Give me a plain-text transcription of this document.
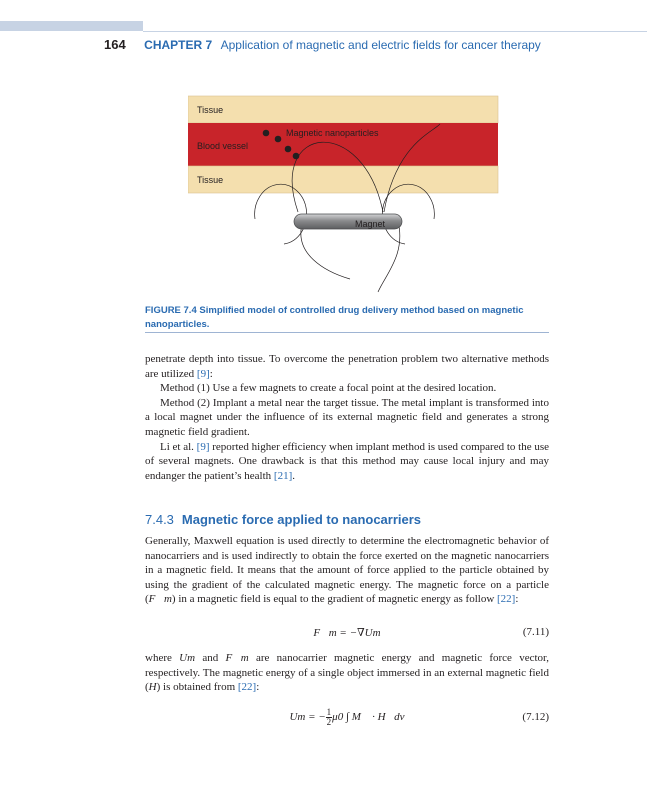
164 CHAPTER 7 Application of magnetic and electric fields for cancer therapy
Tissue
Magnetic nanoparticles
Blood vessel
Tissue
Magnet
FIGURE 7.4 Simplified model of controlled drug delivery method based on magnetic nanoparticles.

penetrate depth into tissue. To overcome the penetration problem two alternative methods are utilized [9]:

Method (1) Use a few magnets to create a focal point at the desired location.

Method (2) Implant a metal near the target tissue. The metal implant is transformed into a local magnet under the influence of its external magnetic field and generates a strong magnetic field gradient.

Li et al. [9] reported higher efficiency when implant method is used compared to the use of several magnets. One drawback is that this method may cause local injury and may endanger the patient’s health [21].

7.4.3 Magnetic force applied to nanocarriers

Generally, Maxwell equation is used directly to determine the electromagnetic behavior of nanocarriers and is used indirectly to obtain the force exerted on the magnetic nanocarriers in a magnetic field. It means that the amount of force applied to the particle obtained by using the gradient of the calculated magnetic energy. The magnetic force on a particle (F⃗m) in a magnetic field is equal to the gradient of magnetic energy as follow [22]:

F⃗m = −∇Um	(7.11)

where Um and F⃗m are nanocarrier magnetic energy and magnetic force vector, respectively. The magnetic energy of a single object immersed in an external magnetic field (H) is obtained from [22]:

Um = − $\frac{1}{2} \mu 0$ ∫ M⃗ · H⃗dv	(7.12)
